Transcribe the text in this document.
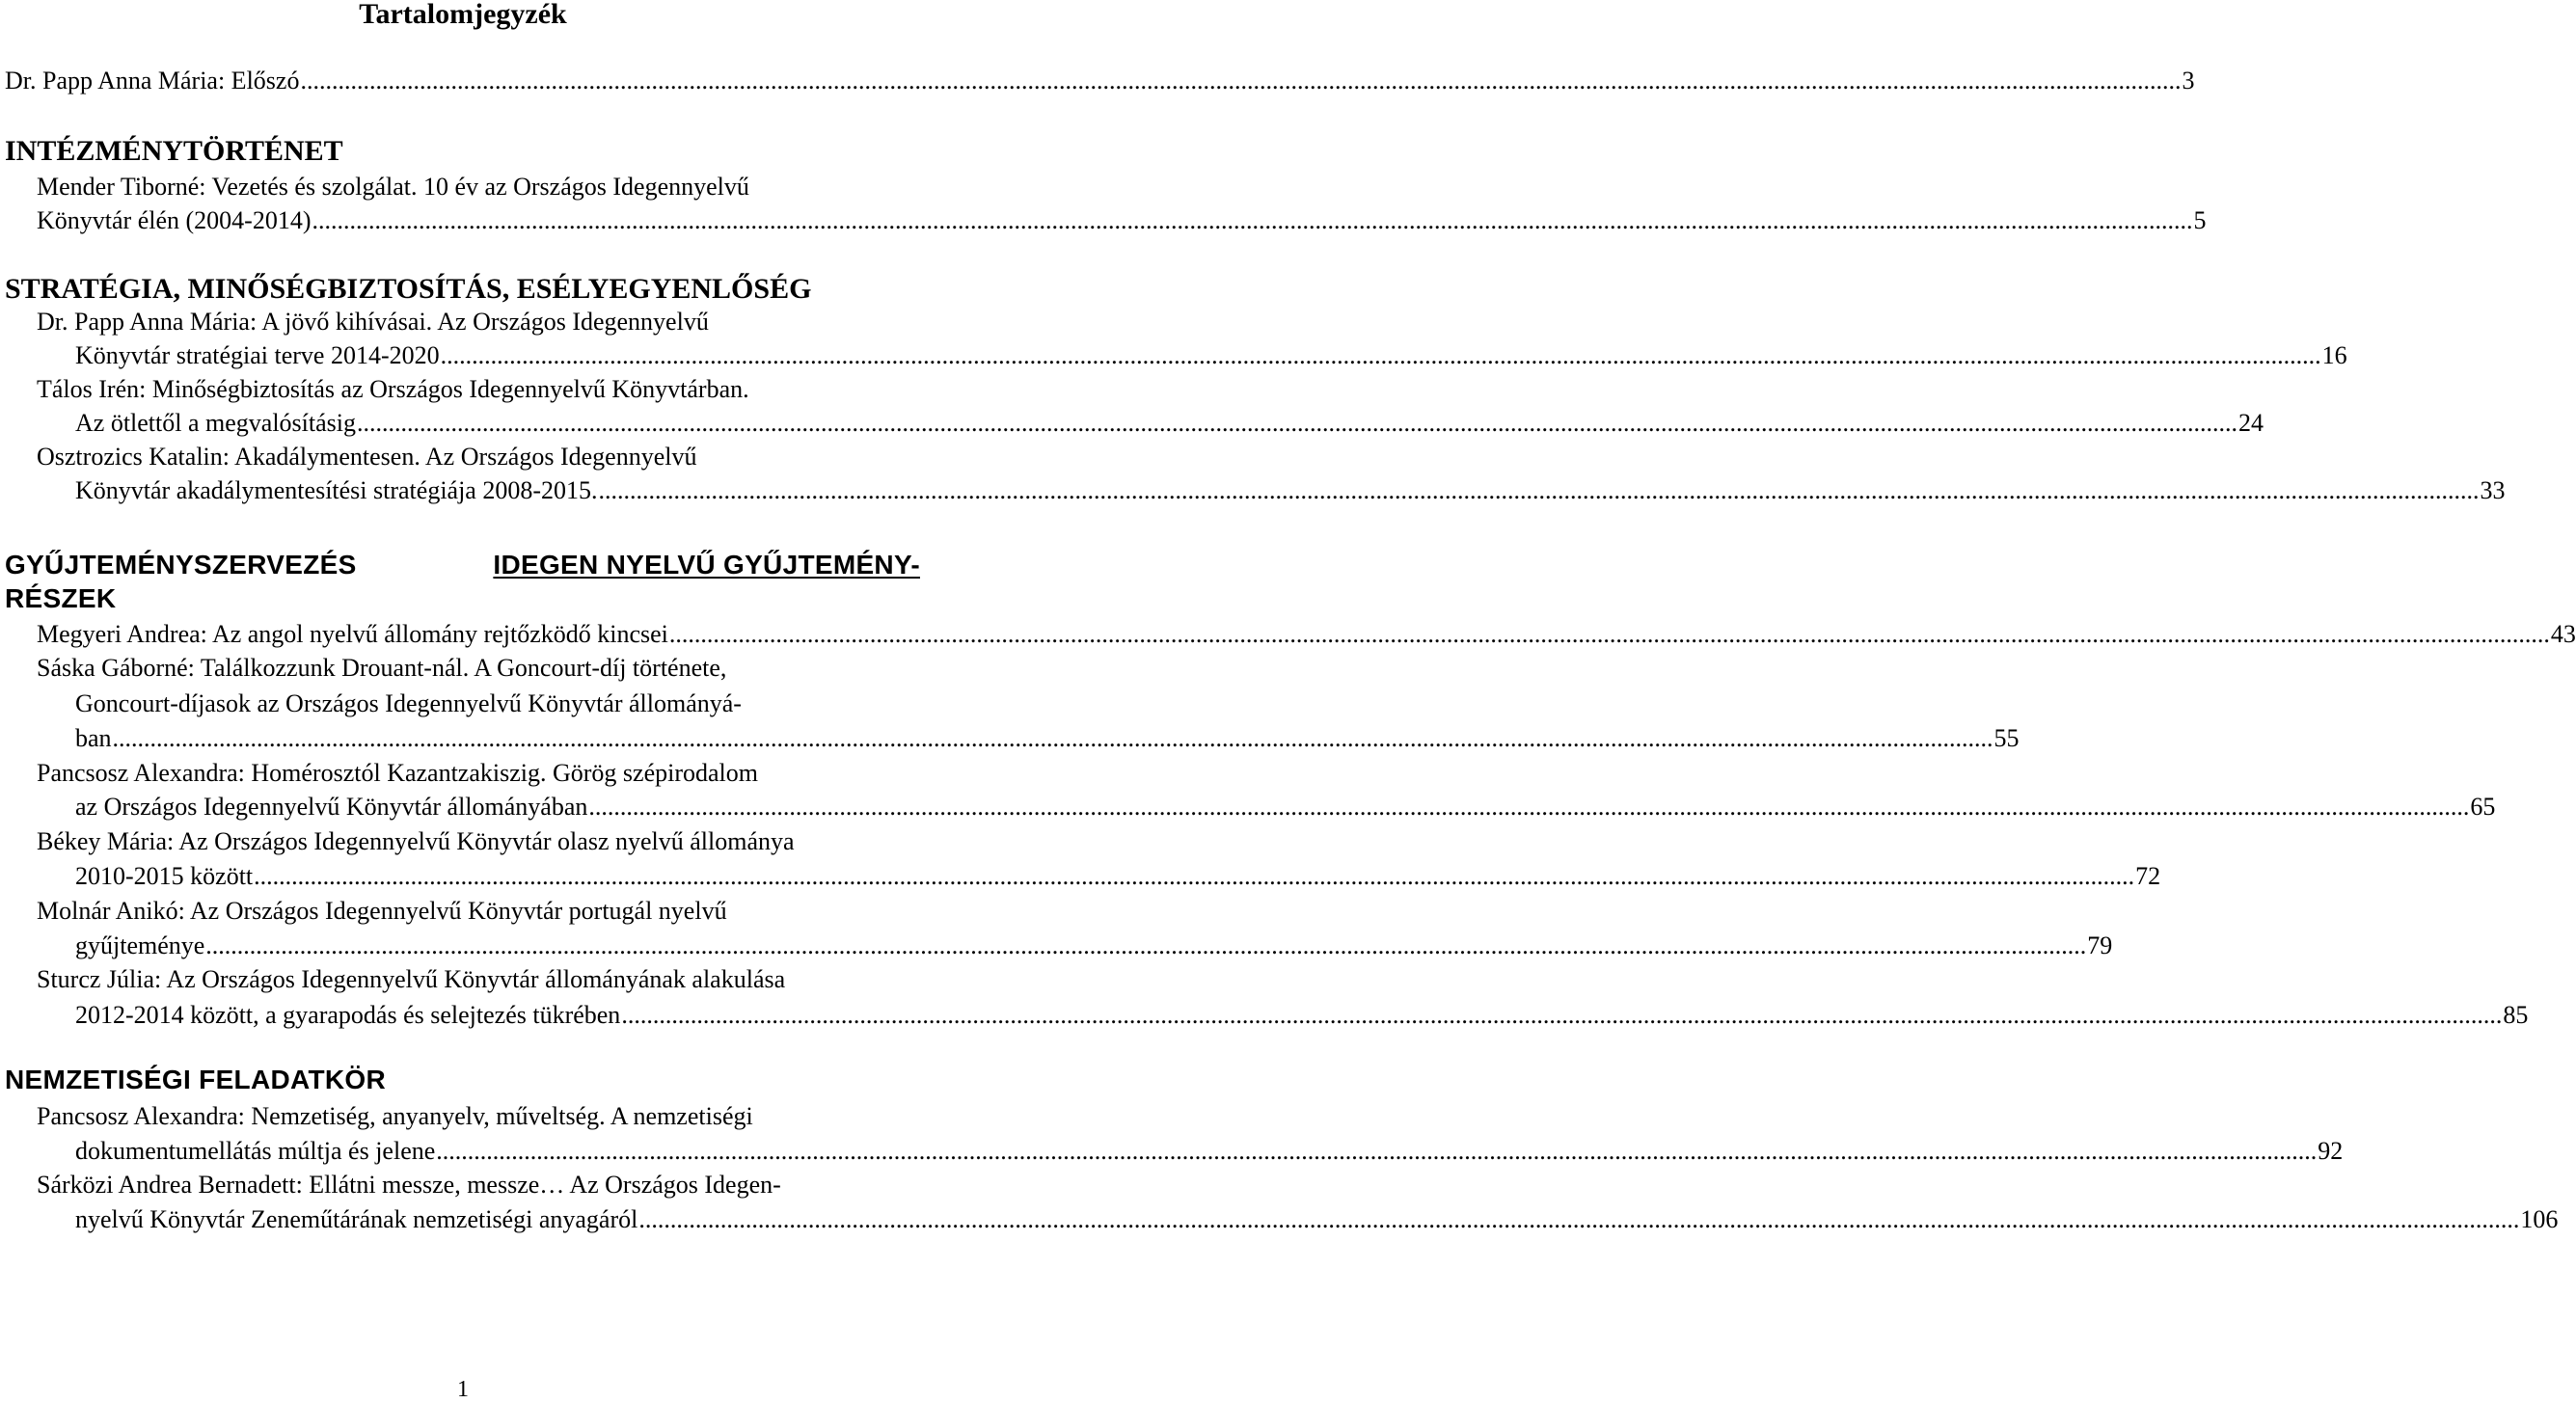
Tartalomjegyzék
Dr. Papp Anna Mária: Előszó ............................................................................................................................................................................................................................................................................................................ 3
INTÉZMÉNYTÖRTÉNET
Mender Tiborné: Vezetés és szolgálat. 10 év az Országos Idegennyelvű
Könyvtár élén (2004-2014) ............................................................................................................................................................................................................................................................................................................ 5
STRATÉGIA, MINŐSÉGBIZTOSÍTÁS, ESÉLYEGYENLŐSÉG
Dr. Papp Anna Mária: A jövő kihívásai. Az Országos Idegennyelvű
Könyvtár stratégiai terve 2014-2020 ............................................................................................................................................................................................................................................................................................................ 16
Tálos Irén: Minőségbiztosítás az Országos Idegennyelvű Könyvtárban.
Az ötlettől a megvalósításig ............................................................................................................................................................................................................................................................................................................ 24
Osztrozics Katalin: Akadálymentesen. Az Országos Idegennyelvű
Könyvtár akadálymentesítési stratégiája 2008-2015. ............................................................................................................................................................................................................................................................................................................ 33
GYŰJTEMÉNYSZERVEZÉS	IDEGEN NYELVŰ GYŰJTEMÉNY-
RÉSZEK
Megyeri Andrea: Az angol nyelvű állomány rejtőzködő kincsei ............................................................................................................................................................................................................................................................................................................ 43
Sáska Gáborné: Találkozzunk Drouant-nál. A Goncourt-díj története,
Goncourt-díjasok az Országos Idegennyelvű Könyvtár állományá-
ban ............................................................................................................................................................................................................................................................................................................ 55
Pancsosz Alexandra: Homérosztól Kazantzakiszig. Görög szépirodalom
az Országos Idegennyelvű Könyvtár állományában ............................................................................................................................................................................................................................................................................................................ 65
Békey Mária: Az Országos Idegennyelvű Könyvtár olasz nyelvű állománya
2010-2015 között ............................................................................................................................................................................................................................................................................................................ 72
Molnár Anikó: Az Országos Idegennyelvű Könyvtár portugál nyelvű
gyűjteménye ............................................................................................................................................................................................................................................................................................................ 79
Sturcz Júlia: Az Országos Idegennyelvű Könyvtár állományának alakulása
2012-2014 között, a gyarapodás és selejtezés tükrében ............................................................................................................................................................................................................................................................................................................ 85
NEMZETISÉGI FELADATKÖR
Pancsosz Alexandra: Nemzetiség, anyanyelv, műveltség. A nemzetiségi
dokumentumellátás múltja és jelene ............................................................................................................................................................................................................................................................................................................ 92
Sárközi Andrea Bernadett: Ellátni messze, messze… Az Országos Idegen-
nyelvű Könyvtár Zeneműtárának nemzetiségi anyagáról ............................................................................................................................................................................................................................................................................................................ 106
1
